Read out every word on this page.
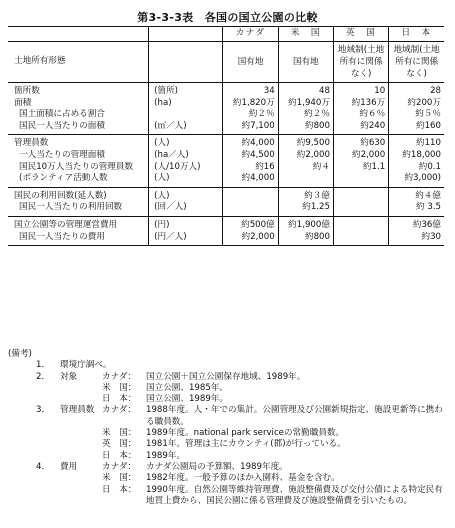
第3-3-3表　各国の国立公園の比較
		カナダ	米　国	英　国	日　本
土地所有形態		国有地	国有地	地域制(土地所有に関係なく)	地域制(土地所有に関係なく)
箇所数	(箇所)	34	48	10	28
面積	(ha)	約1,820万	約1,940万	約136万	約200万
国土面積に占める割合		約２％	約２％	約６％	約５％
国民一人当たりの面積	(㎡／人)	約7,100	約800	約240	約160
管理員数	(人)	約4,000	約9,500	約630	約110
一人当たりの管理面積	(ha／人)	約4,500	約2,000	約2,000	約18,000
国民10万人当たりの管理員数	(人/10万人)	約16	約４	約1.1	約0.1
(ボランティア活動人数	(人)	約4,000			約3,000)
国民の利用回数(延人数)	(人)		約３億		約４億
国民一人当たりの利用回数	(回／人)		約1.25		約 3.5
国立公園等の管理運営費用	(円)	約500億	約1,900億		約36億
国民一人当たりの費用	(円／人)	約2,000	約800		約30
(備考)
1．	環境庁調べ。
2．	対象	カナダ：	国立公園＋国立公園保存地域、1989年。
米　国：	国立公園、1985年。
日　本：	国立公園、1989年。
3．	管理員数 カナダ：	1988年度。人・年での集計。公園管理及び公園新規指定、施設更新等に携わる職員数。
米　国：	1989年度。national park serviceの常勤職員数。
英　国：	1981年。管理は主にカウンティ(郡)が行っている。
日　本：	1989年。
4．	費用	カナダ：	カナダ公園局の予算額、1989年度。
米　国：	1982年度。一般予算のほか入園料、基金を含む。
日　本：	1990年度。自然公園等維持管理費、施設整備費及び交付公債による特定民有地買上費から、国民公園に係る管理費及び施設整備費を引いたもの。
